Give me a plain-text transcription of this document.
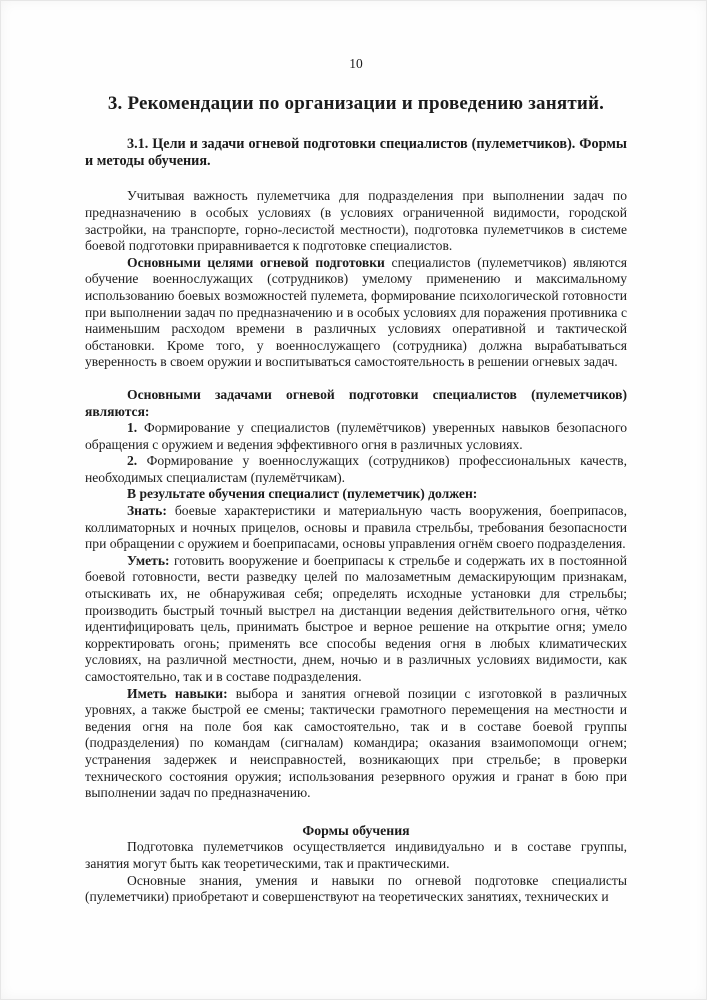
10
3. Рекомендации по организации и проведению занятий.

3.1. Цели и задачи огневой подготовки специалистов (пулеметчиков). Формы и методы обучения.

Учитывая важность пулеметчика для подразделения при выполнении задач по предназначению в особых условиях (в условиях ограниченной видимости, городской застройки, на транспорте, горно-лесистой местности), подготовка пулеметчиков в системе боевой подготовки приравнивается к подготовке специалистов.

Основными целями огневой подготовки специалистов (пулеметчиков) являются обучение военнослужащих (сотрудников) умелому применению и максимальному использованию боевых возможностей пулемета, формирование психологической готовности при выполнении задач по предназначению и в особых условиях для поражения противника с наименьшим расходом времени в различных условиях оперативной и тактической обстановки. Кроме того, у военнослужащего (сотрудника) должна вырабатываться уверенность в своем оружии и воспитываться самостоятельность в решении огневых задач.

Основными задачами огневой подготовки специалистов (пулеметчиков) являются:

1. Формирование у специалистов (пулемётчиков) уверенных навыков безопасного обращения с оружием и ведения эффективного огня в различных условиях.

2. Формирование у военнослужащих (сотрудников) профессиональных качеств, необходимых специалистам (пулемётчикам).

В результате обучения специалист (пулеметчик) должен:

Знать: боевые характеристики и материальную часть вооружения, боеприпасов, коллиматорных и ночных прицелов, основы и правила стрельбы, требования безопасности при обращении с оружием и боеприпасами, основы управления огнём своего подразделения.

Уметь: готовить вооружение и боеприпасы к стрельбе и содержать их в постоянной боевой готовности, вести разведку целей по малозаметным демаскирующим признакам, отыскивать их, не обнаруживая себя; определять исходные установки для стрельбы; производить быстрый точный выстрел на дистанции ведения действительного огня, чётко идентифицировать цель, принимать быстрое и верное решение на открытие огня; умело корректировать огонь; применять все способы ведения огня в любых климатических условиях, на различной местности, днем, ночью и в различных условиях видимости, как самостоятельно, так и в составе подразделения.

Иметь навыки: выбора и занятия огневой позиции с изготовкой в различных уровнях, а также быстрой ее смены; тактически грамотного перемещения на местности и ведения огня на поле боя как самостоятельно, так и в составе боевой группы (подразделения) по командам (сигналам) командира; оказания взаимопомощи огнем; устранения задержек и неисправностей, возникающих при стрельбе; в проверки технического состояния оружия; использования резервного оружия и гранат в бою при выполнении задач по предназначению.

Формы обучения

Подготовка пулеметчиков осуществляется индивидуально и в составе группы, занятия могут быть как теоретическими, так и практическими.

Основные знания, умения и навыки по огневой подготовке специалисты (пулеметчики) приобретают и совершенствуют на теоретических занятиях, технических и
